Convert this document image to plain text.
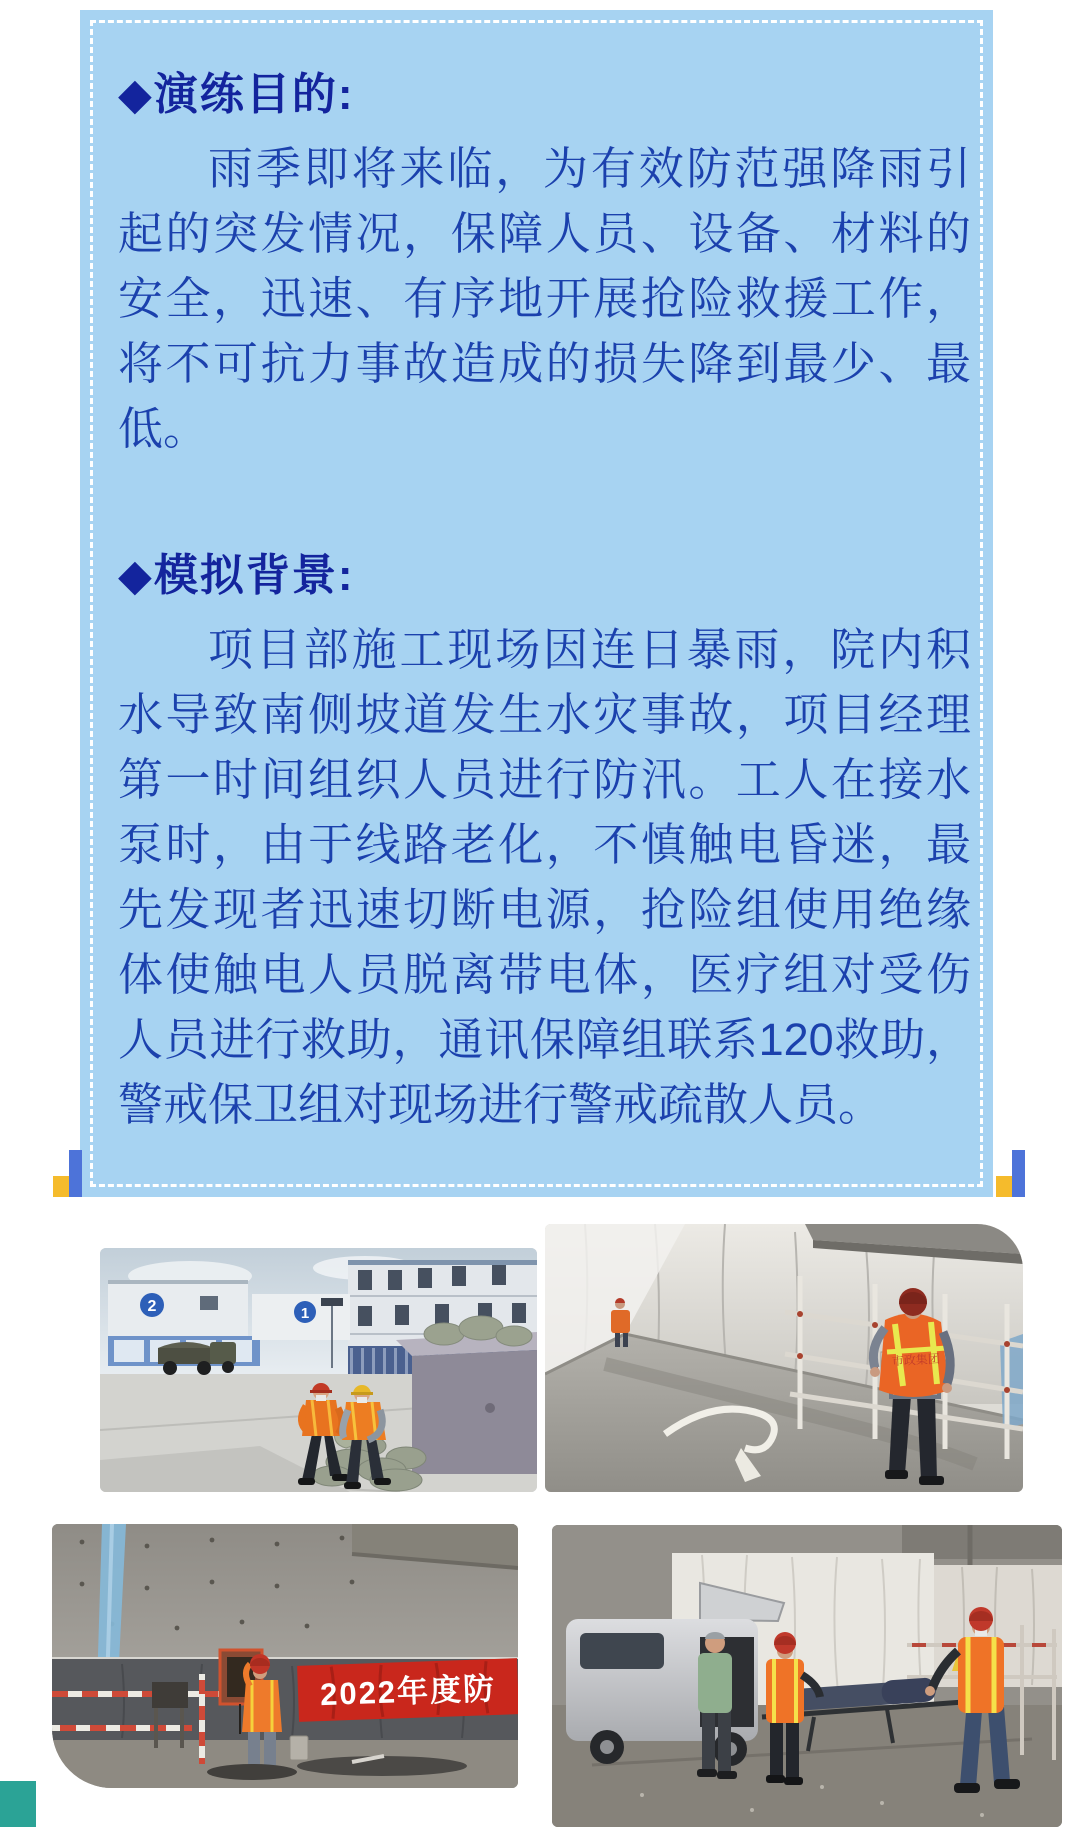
◆演练目的:

雨季即将来临，为有效防范强降雨引起的突发情况，保障人员、设备、材料的安全，迅速、有序地开展抢险救援工作，将不可抗力事故造成的损失降到最少、最低。

◆模拟背景:

项目部施工现场因连日暴雨，院内积水导致南侧坡道发生水灾事故，项目经理第一时间组织人员进行防汛。工人在接水泵时，由于线路老化，不慎触电昏迷，最先发现者迅速切断电源，抢险组使用绝缘体使触电人员脱离带电体，医疗组对受伤人员进行救助，通讯保障组联系120救助，警戒保卫组对现场进行警戒疏散人员。

2	1
市政集团
2022年度防
